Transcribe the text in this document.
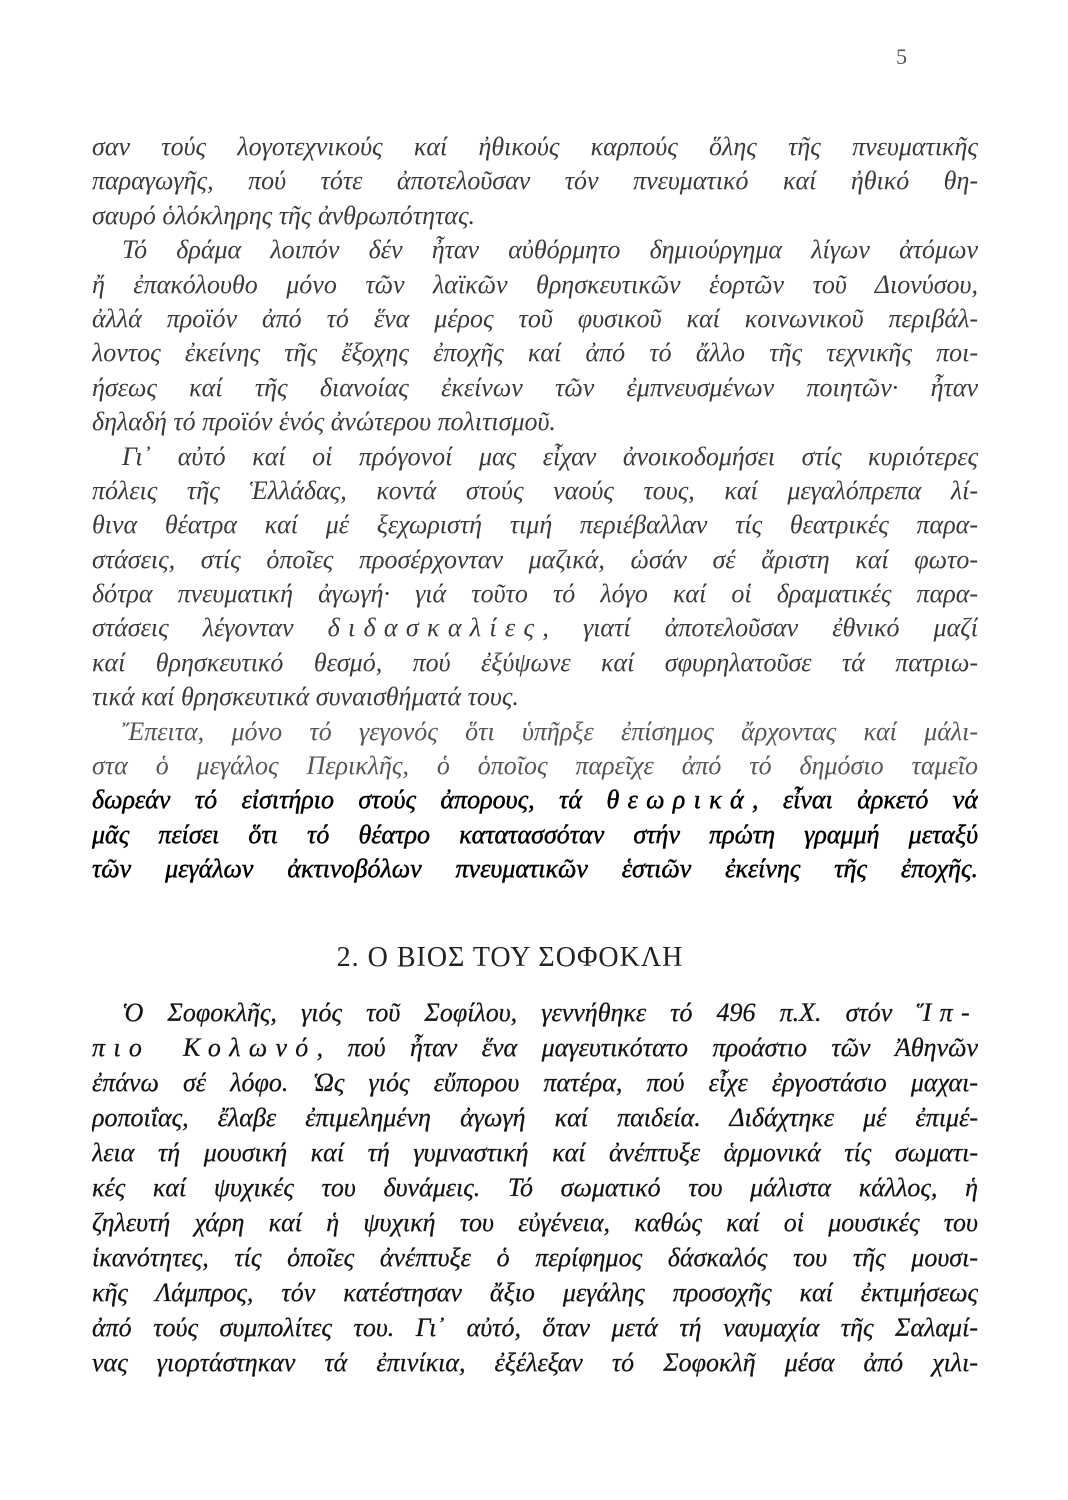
5
σαν τούς λογοτεχνικούς καί ἠθικούς καρπούς ὅλης τῆς πνευματικῆς
παραγωγῆς, πού τότε ἀποτελοῦσαν τόν πνευματικό καί ἠθικό θη-
σαυρό ὁλόκληρης τῆς ἀνθρωπότητας.
Τό δράμα λοιπόν δέν ἦταν αὐθόρμητο δημιούργημα λίγων ἀτόμων
ἤ ἐπακόλουθο μόνο τῶν λαϊκῶν θρησκευτικῶν ἑορτῶν τοῦ Διονύσου,
ἀλλά προϊόν ἀπό τό ἕνα μέρος τοῦ φυσικοῦ καί κοινωνικοῦ περιβάλ-
λοντος ἐκείνης τῆς ἔξοχης ἐποχῆς καί ἀπό τό ἄλλο τῆς τεχνικῆς ποι-
ήσεως καί τῆς διανοίας ἐκείνων τῶν ἐμπνευσμένων ποιητῶν· ἦταν
δηλαδή τό προϊόν ἑνός ἀνώτερου πολιτισμοῦ.
Γι᾿ αὐτό καί οἱ πρόγονοί μας εἶχαν ἀνοικοδομήσει στίς κυριότερες
πόλεις τῆς Ἑλλάδας, κοντά στούς ναούς τους, καί μεγαλόπρεπα λί-
θινα θέατρα καί μέ ξεχωριστή τιμή περιέβαλλαν τίς θεατρικές παρα-
στάσεις, στίς ὁποῖες προσέρχονταν μαζικά, ὡσάν σέ ἄριστη καί φωτο-
δότρα πνευματική ἀγωγή· γιά τοῦτο τό λόγο καί οἱ δραματικές παρα-
στάσεις λέγονταν διδασκαλίες, γιατί ἀποτελοῦσαν ἐθνικό μαζί
καί θρησκευτικό θεσμό, πού ἐξύψωνε καί σφυρηλατοῦσε τά πατριω-
τικά καί θρησκευτικά συναισθήματά τους.
Ἔπειτα, μόνο τό γεγονός ὅτι ὑπῆρξε ἐπίσημος ἄρχοντας καί μάλι-
στα ὁ μεγάλος Περικλῆς, ὁ ὁποῖος παρεῖχε ἀπό τό δημόσιο ταμεῖο
δωρεάν τό εἰσιτήριο στούς ἀπορους, τά θεωρικά, εἶναι ἀρκετό νά
μᾶς πείσει ὅτι τό θέατρο κατατασσόταν στήν πρώτη γραμμή μεταξύ
τῶν μεγάλων ἀκτινοβόλων πνευματικῶν ἑστιῶν ἐκείνης τῆς ἐποχῆς.
2. Ο ΒΙΟΣ ΤΟΥ ΣΟΦΟΚΛΗ
Ὁ Σοφοκλῆς, γιός τοῦ Σοφίλου, γεννήθηκε τό 496 π.Χ. στόν Ἵπ-
πιο Κολωνό, πού ἦταν ἕνα μαγευτικότατο προάστιο τῶν Ἀθηνῶν
ἐπάνω σέ λόφο. Ὡς γιός εὔπορου πατέρα, πού εἶχε ἐργοστάσιο μαχαι-
ροποιΐας, ἔλαβε ἐπιμελημένη ἀγωγή καί παιδεία. Διδάχτηκε μέ ἐπιμέ-
λεια τή μουσική καί τή γυμναστική καί ἀνέπτυξε ἁρμονικά τίς σωματι-
κές καί ψυχικές του δυνάμεις. Τό σωματικό του μάλιστα κάλλος, ἡ
ζηλευτή χάρη καί ἡ ψυχική του εὐγένεια, καθώς καί οἱ μουσικές του
ἱκανότητες, τίς ὁποῖες ἀνέπτυξε ὁ περίφημος δάσκαλός του τῆς μουσι-
κῆς Λάμπρος, τόν κατέστησαν ἄξιο μεγάλης προσοχῆς καί ἐκτιμήσεως
ἀπό τούς συμπολίτες του. Γι᾿ αὐτό, ὅταν μετά τή ναυμαχία τῆς Σαλαμί-
νας γιορτάστηκαν τά ἐπινίκια, ἐξέλεξαν τό Σοφοκλῆ μέσα ἀπό χιλι-
